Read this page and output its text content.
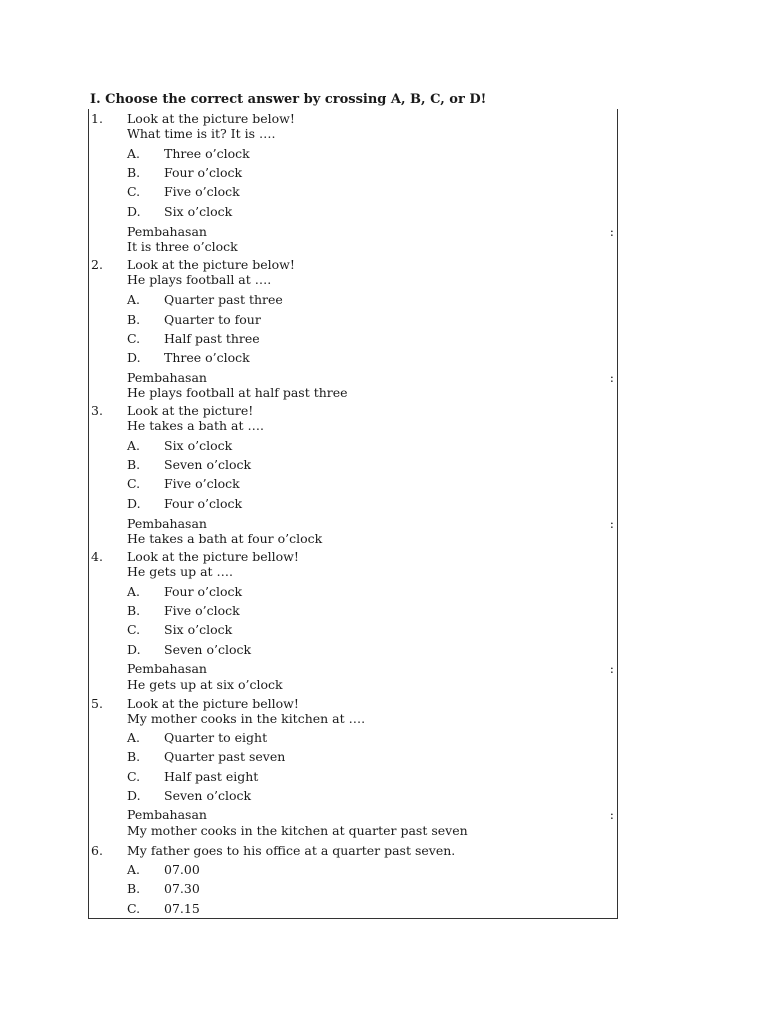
I. Choose the correct answer by crossing A, B, C, or D!
1. Look at the picture below!
What time is it? It is ….
A. Three o’clock
B. Four o’clock
C. Five o’clock
D. Six o’clock
Pembahasan	:
It is three o’clock
2. Look at the picture below!
He plays football at ….
A. Quarter past three
B. Quarter to four
C. Half past three
D. Three o’clock
Pembahasan	:
He plays football at half past three
3. Look at the picture!
He takes a bath at ….
A. Six o’clock
B. Seven o’clock
C. Five o’clock
D. Four o’clock
Pembahasan	:
He takes a bath at four o’clock
4. Look at the picture bellow!
He gets up at ….
A. Four o’clock
B. Five o’clock
C. Six o’clock
D. Seven o’clock
Pembahasan	:
He gets up at six o’clock
5. Look at the picture bellow!
My mother cooks in the kitchen at ….
A. Quarter to eight
B. Quarter past seven
C. Half past eight
D. Seven o’clock
Pembahasan	:
My mother cooks in the kitchen at quarter past seven
6. My father goes to his office at a quarter past seven.
A. 07.00
B. 07.30
C. 07.15
